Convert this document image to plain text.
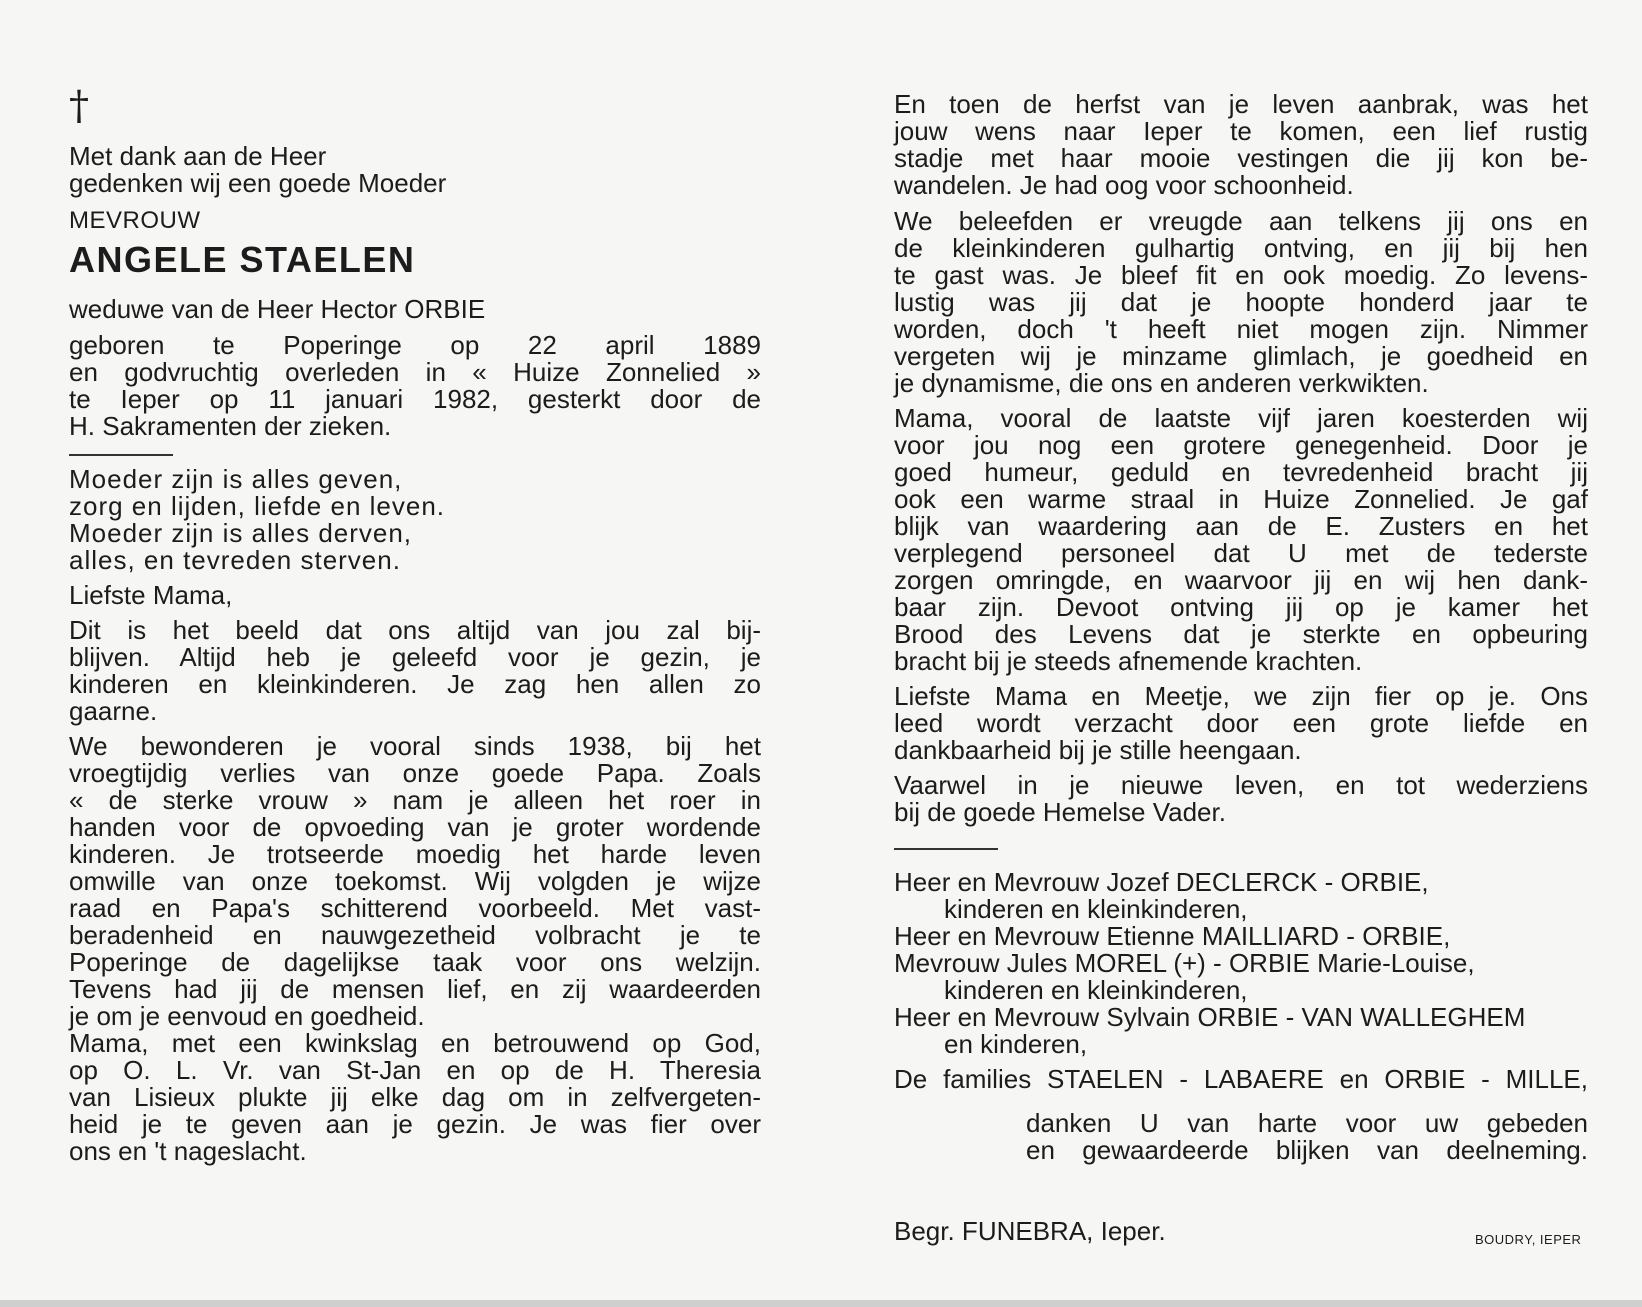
†
Met dank aan de Heer
gedenken wij een goede Moeder
MEVROUW
ANGELE STAELEN
weduwe van de Heer Hector ORBIE
geboren te Poperinge op 22 april 1889
en godvruchtig overleden in « Huize Zonnelied »
te Ieper op 11 januari 1982, gesterkt door de
H. Sakramenten der zieken.
Moeder zijn is alles geven,
zorg en lijden, liefde en leven.
Moeder zijn is alles derven,
alles, en tevreden sterven.
Liefste Mama,
Dit is het beeld dat ons altijd van jou zal bij-
blijven. Altijd heb je geleefd voor je gezin, je
kinderen en kleinkinderen. Je zag hen allen zo
gaarne.
We bewonderen je vooral sinds 1938, bij het
vroegtijdig verlies van onze goede Papa. Zoals
« de sterke vrouw » nam je alleen het roer in
handen voor de opvoeding van je groter wordende
kinderen. Je trotseerde moedig het harde leven
omwille van onze toekomst. Wij volgden je wijze
raad en Papa's schitterend voorbeeld. Met vast-
beradenheid en nauwgezetheid volbracht je te
Poperinge de dagelijkse taak voor ons welzijn.
Tevens had jij de mensen lief, en zij waardeerden
je om je eenvoud en goedheid.
Mama, met een kwinkslag en betrouwend op God,
op O. L. Vr. van St-Jan en op de H. Theresia
van Lisieux plukte jij elke dag om in zelfvergeten-
heid je te geven aan je gezin. Je was fier over
ons en 't nageslacht.
En toen de herfst van je leven aanbrak, was het
jouw wens naar Ieper te komen, een lief rustig
stadje met haar mooie vestingen die jij kon be-
wandelen. Je had oog voor schoonheid.
We beleefden er vreugde aan telkens jij ons en
de kleinkinderen gulhartig ontving, en jij bij hen
te gast was. Je bleef fit en ook moedig. Zo levens-
lustig was jij dat je hoopte honderd jaar te
worden, doch 't heeft niet mogen zijn. Nimmer
vergeten wij je minzame glimlach, je goedheid en
je dynamisme, die ons en anderen verkwikten.
Mama, vooral de laatste vijf jaren koesterden wij
voor jou nog een grotere genegenheid. Door je
goed humeur, geduld en tevredenheid bracht jij
ook een warme straal in Huize Zonnelied. Je gaf
blijk van waardering aan de E. Zusters en het
verplegend personeel dat U met de tederste
zorgen omringde, en waarvoor jij en wij hen dank-
baar zijn. Devoot ontving jij op je kamer het
Brood des Levens dat je sterkte en opbeuring
bracht bij je steeds afnemende krachten.
Liefste Mama en Meetje, we zijn fier op je. Ons
leed wordt verzacht door een grote liefde en
dankbaarheid bij je stille heengaan.
Vaarwel in je nieuwe leven, en tot wederziens
bij de goede Hemelse Vader.
Heer en Mevrouw Jozef DECLERCK - ORBIE,
kinderen en kleinkinderen,
Heer en Mevrouw Etienne MAILLIARD - ORBIE,
Mevrouw Jules MOREL (+) - ORBIE Marie-Louise,
kinderen en kleinkinderen,
Heer en Mevrouw Sylvain ORBIE - VAN WALLEGHEM
en kinderen,
De families STAELEN - LABAERE en ORBIE - MILLE,
danken U van harte voor uw gebeden
en gewaardeerde blijken van deelneming.
Begr. FUNEBRA, Ieper.	BOUDRY, IEPER
